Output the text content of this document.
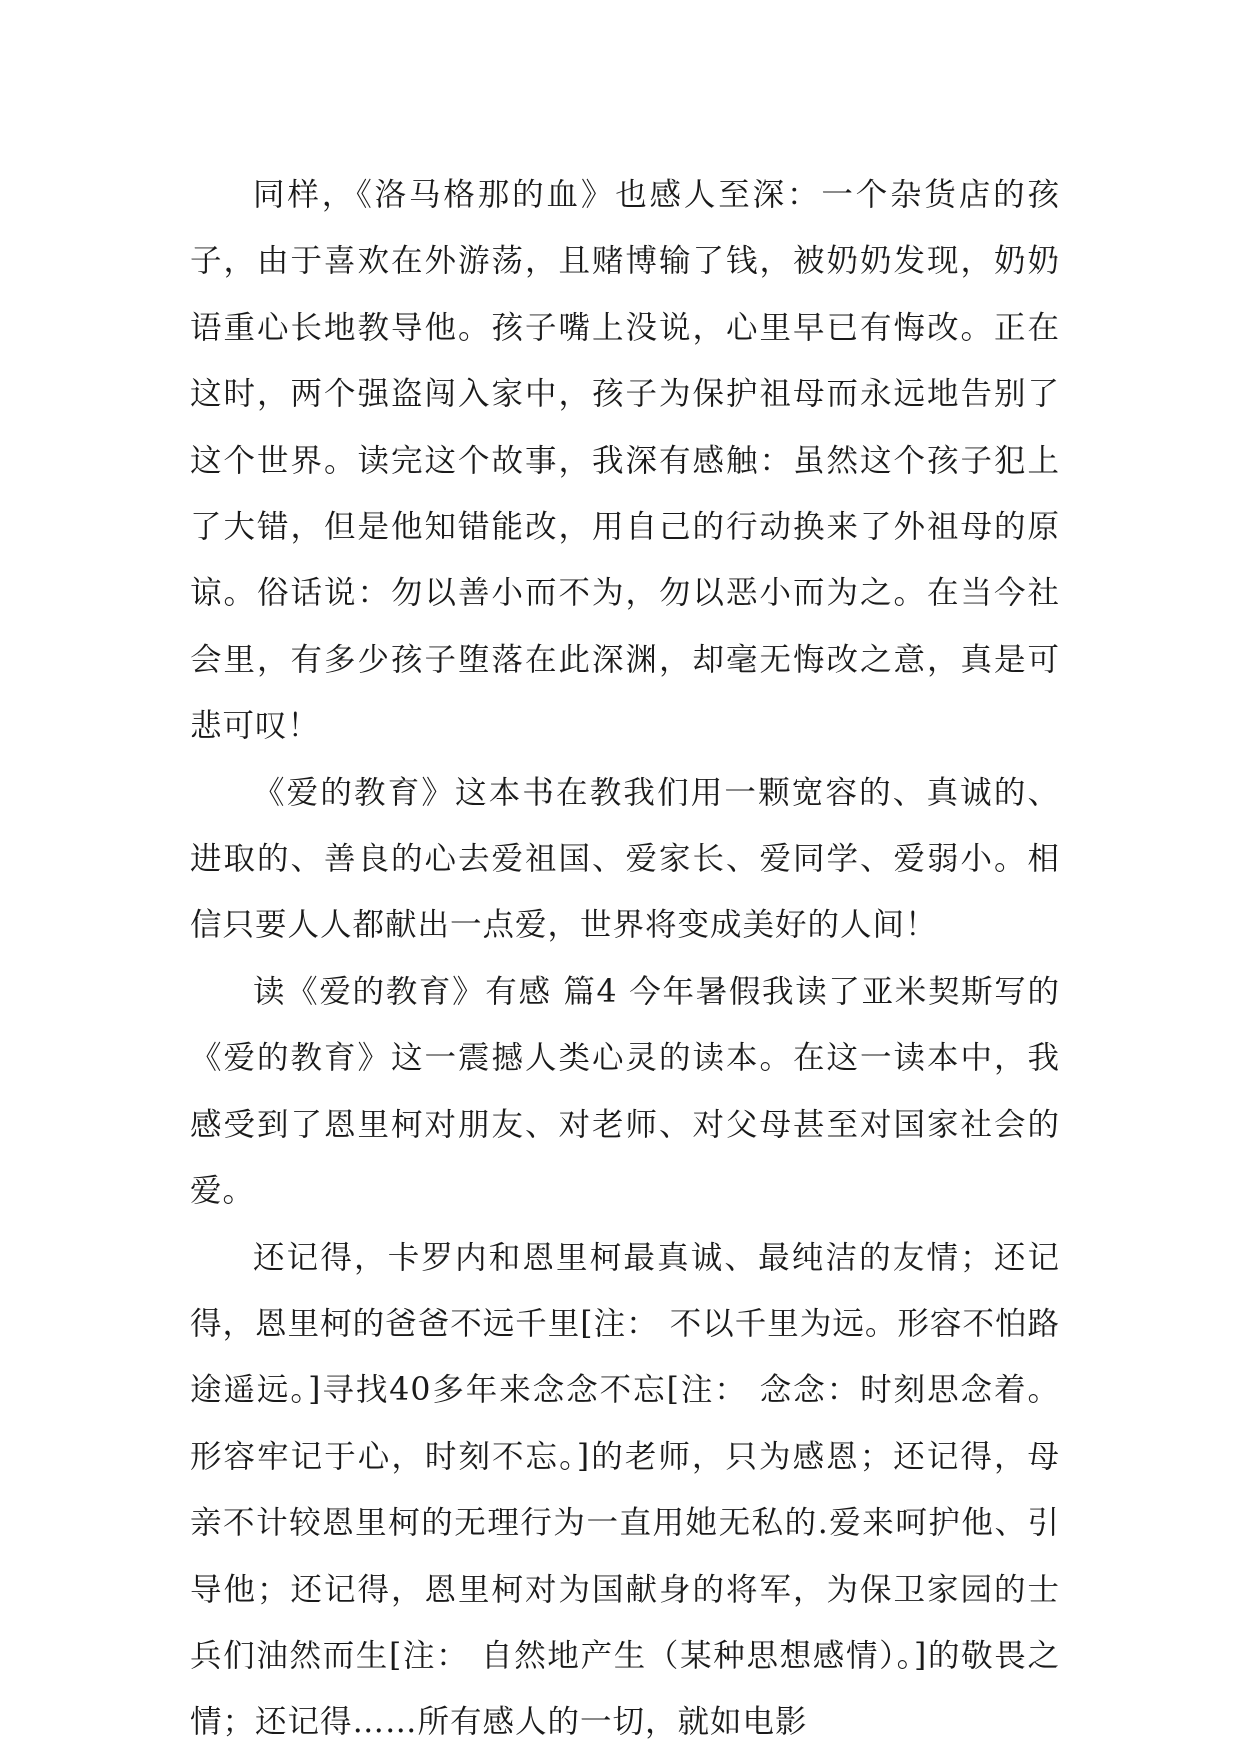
同样，《洛马格那的血》也感人至深：一个杂货店的孩子，由于喜欢在外游荡，且赌博输了钱，被奶奶发现，奶奶语重心长地教导他。孩子嘴上没说，心里早已有悔改。正在这时，两个强盗闯入家中，孩子为保护祖母而永远地告别了这个世界。读完这个故事，我深有感触：虽然这个孩子犯上了大错，但是他知错能改，用自己的行动换来了外祖母的原谅。俗话说：勿以善小而不为，勿以恶小而为之。在当今社会里，有多少孩子堕落在此深渊，却毫无悔改之意，真是可悲可叹！

《爱的教育》这本书在教我们用一颗宽容的、真诚的、进取的、善良的心去爱祖国、爱家长、爱同学、爱弱小。相信只要人人都献出一点爱，世界将变成美好的人间！

读《爱的教育》有感 篇4 今年暑假我读了亚米契斯写的《爱的教育》这一震撼人类心灵的读本。在这一读本中，我感受到了恩里柯对朋友、对老师、对父母甚至对国家社会的爱。

还记得，卡罗内和恩里柯最真诚、最纯洁的友情；还记得，恩里柯的爸爸不远千里[注： 不以千里为远。形容不怕路途遥远。]寻找40多年来念念不忘[注： 念念：时刻思念着。形容牢记于心，时刻不忘。]的老师，只为感恩；还记得，母亲不计较恩里柯的无理行为一直用她无私的.爱来呵护他、引导他；还记得，恩里柯对为国献身的将军，为保卫家园的士兵们油然而生[注： 自然地产生（某种思想感情）。]的敬畏之情；还记得……所有感人的一切，就如电影
